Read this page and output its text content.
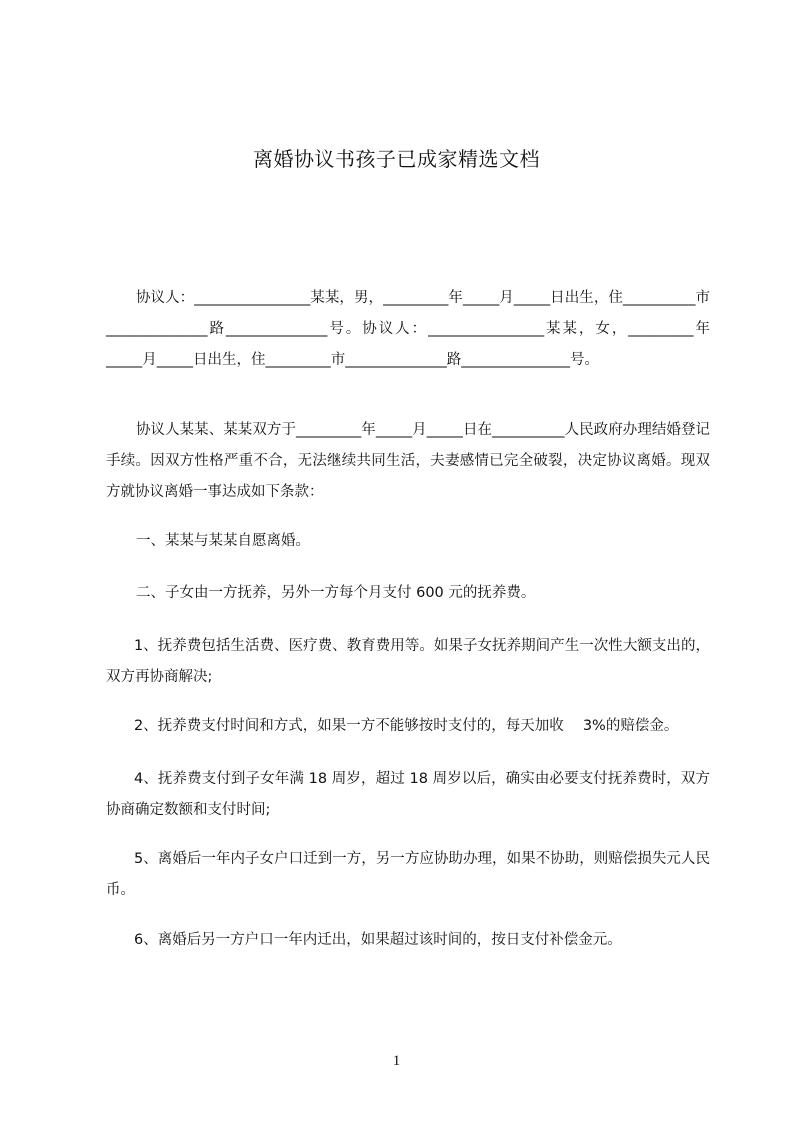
离婚协议书孩子已成家精选文档

协议人：________________某某，男，_________年_____月_____日出生，住__________市______________路______________号。协议人：________________某某，女，_________年_____月_____日出生，住_________市______________路_______________号。

协议人某某、某某双方于_________年_____月_____日在__________人民政府办理结婚登记手续。因双方性格严重不合，无法继续共同生活，夫妻感情已完全破裂，决定协议离婚。现双方就协议离婚一事达成如下条款：

一、某某与某某自愿离婚。

二、子女由一方抚养，另外一方每个月支付 600 元的抚养费。

1、抚养费包括生活费、医疗费、教育费用等。如果子女抚养期间产生一次性大额支出的，双方再协商解决;

2、抚养费支付时间和方式，如果一方不能够按时支付的，每天加收　 3%的赔偿金。

4、抚养费支付到子女年满 18 周岁，超过 18 周岁以后，确实由必要支付抚养费时，双方协商确定数额和支付时间;

5、离婚后一年内子女户口迁到一方，另一方应协助办理，如果不协助，则赔偿损失元人民币。

6、离婚后另一方户口一年内迁出，如果超过该时间的，按日支付补偿金元。

1
